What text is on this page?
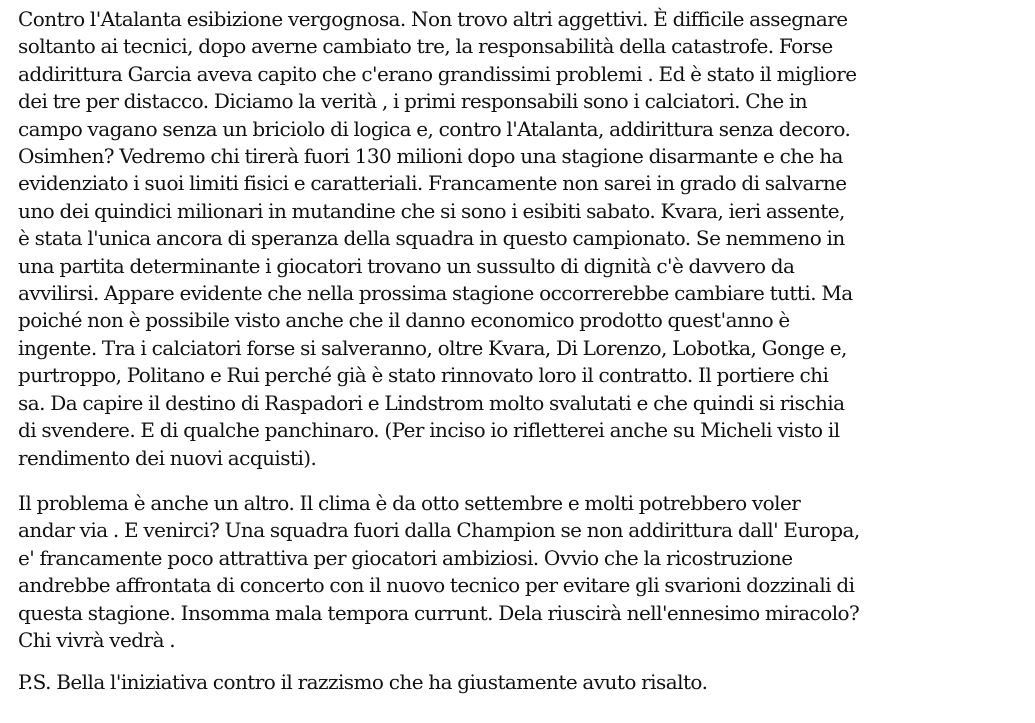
Contro l'Atalanta esibizione vergognosa. Non trovo altri aggettivi. È difficile assegnare
soltanto ai tecnici, dopo averne cambiato tre, la responsabilità della catastrofe. Forse
addirittura Garcia aveva capito che c'erano grandissimi problemi . Ed è stato il migliore
dei tre per distacco. Diciamo la verità , i primi responsabili sono i calciatori. Che in
campo vagano senza un briciolo di logica e, contro l'Atalanta, addirittura senza decoro.
Osimhen? Vedremo chi tirerà fuori 130 milioni dopo una stagione disarmante e che ha
evidenziato i suoi limiti fisici e caratteriali. Francamente non sarei in grado di salvarne
uno dei quindici milionari in mutandine che si sono i esibiti sabato. Kvara, ieri assente,
è stata l'unica ancora di speranza della squadra in questo campionato. Se nemmeno in
una partita determinante i giocatori trovano un sussulto di dignità c'è davvero da
avvilirsi. Appare evidente che nella prossima stagione occorrerebbe cambiare tutti. Ma
poiché non è possibile visto anche che il danno economico prodotto quest'anno è
ingente. Tra i calciatori forse si salveranno, oltre Kvara, Di Lorenzo, Lobotka, Gonge e,
purtroppo, Politano e Rui perché già è stato rinnovato loro il contratto. Il portiere chi
sa. Da capire il destino di Raspadori e Lindstrom molto svalutati e che quindi si rischia
di svendere. E di qualche panchinaro. (Per inciso io rifletterei anche su Micheli visto il
rendimento dei nuovi acquisti).

Il problema è anche un altro. Il clima è da otto settembre e molti potrebbero voler
andar via . E venirci? Una squadra fuori dalla Champion se non addirittura dall' Europa,
e' francamente poco attrattiva per giocatori ambiziosi. Ovvio che la ricostruzione
andrebbe affrontata di concerto con il nuovo tecnico per evitare gli svarioni dozzinali di
questa stagione. Insomma mala tempora currunt. Dela riuscirà nell'ennesimo miracolo?
Chi vivrà vedrà .

P.S. Bella l'iniziativa contro il razzismo che ha giustamente avuto risalto.
